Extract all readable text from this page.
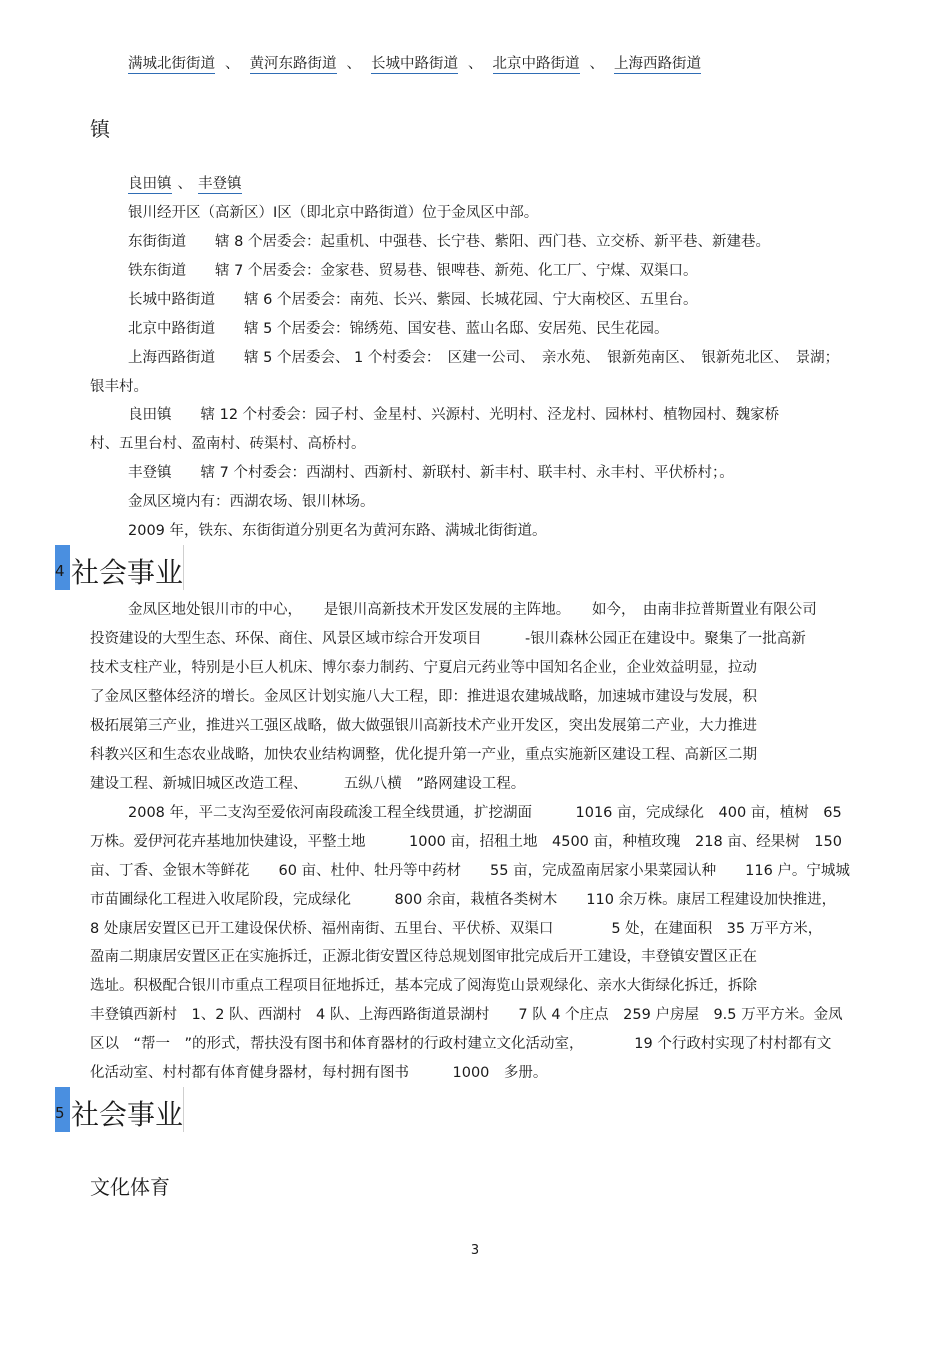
满城北街街道 、 黄河东路街道 、 长城中路街道 、 北京中路街道 、 上海西路街道
镇
良田镇 、 丰登镇
银川经开区（高新区）Ⅰ区（即北京中路街道）位于金凤区中部。
东街街道　　辖 8 个居委会：起重机、中强巷、长宁巷、紫阳、西门巷、立交桥、新平巷、新建巷。
铁东街道　　辖 7 个居委会：金家巷、贸易巷、银啤巷、新苑、化工厂、宁煤、双渠口。
长城中路街道　　辖 6 个居委会：南苑、长兴、紫园、长城花园、宁大南校区、五里台。
北京中路街道　　辖 5 个居委会：锦绣苑、国安巷、蓝山名邸、安居苑、民生花园。
上海西路街道　　辖 5 个居委会、 1 个村委会：　区建一公司、　亲水苑、　银新苑南区、　银新苑北区、　景湖；
银丰村。
良田镇　　辖 12 个村委会：园子村、金星村、兴源村、光明村、泾龙村、园林村、植物园村、魏家桥
村、五里台村、盈南村、砖渠村、高桥村。
丰登镇　　辖 7 个村委会：西湖村、西新村、新联村、新丰村、联丰村、永丰村、平伏桥村；。
金凤区境内有：西湖农场、银川林场。
2009 年，铁东、东街街道分别更名为黄河东路、满城北街街道。
4 社会事业
金凤区地处银川市的中心，　　是银川高新技术开发区发展的主阵地。　　如今，　由南非拉普斯置业有限公司
投资建设的大型生态、环保、商住、风景区域市综合开发项目　　　-银川森林公园正在建设中。聚集了一批高新
技术支柱产业，特别是小巨人机床、博尔泰力制药、宁夏启元药业等中国知名企业，企业效益明显，拉动
了金凤区整体经济的增长。金凤区计划实施八大工程，即：推进退农建城战略，加速城市建设与发展，积
极拓展第三产业，推进兴工强区战略，做大做强银川高新技术产业开发区，突出发展第二产业，大力推进
科教兴区和生态农业战略，加快农业结构调整，优化提升第一产业，重点实施新区建设工程、高新区二期
建设工程、新城旧城区改造工程、　　　五纵八横　”路网建设工程。
2008 年，平二支沟至爱依河南段疏浚工程全线贯通，扩挖湖面　　　1016 亩，完成绿化　400 亩，植树　65
万株。爱伊河花卉基地加快建设，平整土地　　　1000 亩，招租土地　4500 亩，种植玫瑰　218 亩、经果树　150
亩、丁香、金银木等鲜花　　60 亩、杜仲、牡丹等中药材　　55 亩，完成盈南居家小果菜园认种　　116 户。宁城城
市苗圃绿化工程进入收尾阶段，完成绿化　　　800 余亩，栽植各类树木　　110 余万株。康居工程建设加快推进，
8 处康居安置区已开工建设保伏桥、福州南街、五里台、平伏桥、双渠口　　　　5 处，在建面积　35 万平方米，
盈南二期康居安置区正在实施拆迁，正源北街安置区待总规划图审批完成后开工建设，丰登镇安置区正在
选址。积极配合银川市重点工程项目征地拆迁，基本完成了阅海览山景观绿化、亲水大街绿化拆迁，拆除
丰登镇西新村　1、2 队、西湖村　4 队、上海西路街道景湖村　　7 队 4 个庄点　259 户房屋　9.5 万平方米。金凤
区以　“帮一　”的形式，帮扶没有图书和体育器材的行政村建立文化活动室，　　　　19 个行政村实现了村村都有文
化活动室、村村都有体育健身器材，每村拥有图书　　　1000　多册。
5 社会事业
文化体育
3
